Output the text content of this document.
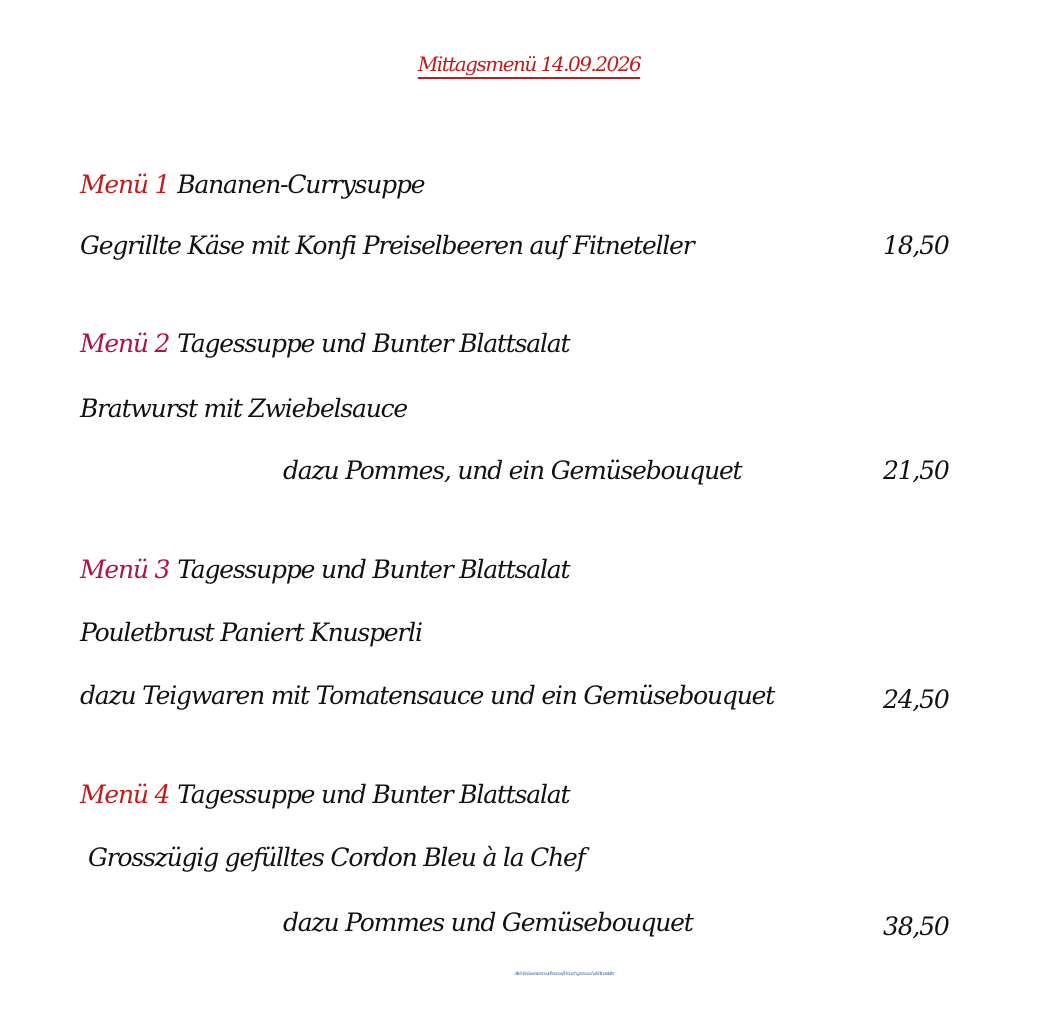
Mittagsmenü 14.09.2026
Menü 1 Bananen-Currysuppe
Gegrillte Käse mit Konfi Preiselbeeren auf Fitneteller	18,50
Menü 2 Tagessuppe und Bunter Blattsalat
Bratwurst mit Zwiebelsauce
dazu Pommes, und ein Gemüsebouquet	21,50
Menü 3 Tagessuppe und Bunter Blattsalat
Pouletbrust Paniert Knusperli
dazu Teigwaren mit Tomatensauce und ein Gemüsebouquet	24,50
Menü 4 Tagessuppe und Bunter Blattsalat
Grosszügig gefülltes Cordon Bleu à la Chef
dazu Pommes und Gemüsebouquet	38,50
Alle Menüs servieren wir Ihnen auf Wunsch gerne auch als Fitnessteller
